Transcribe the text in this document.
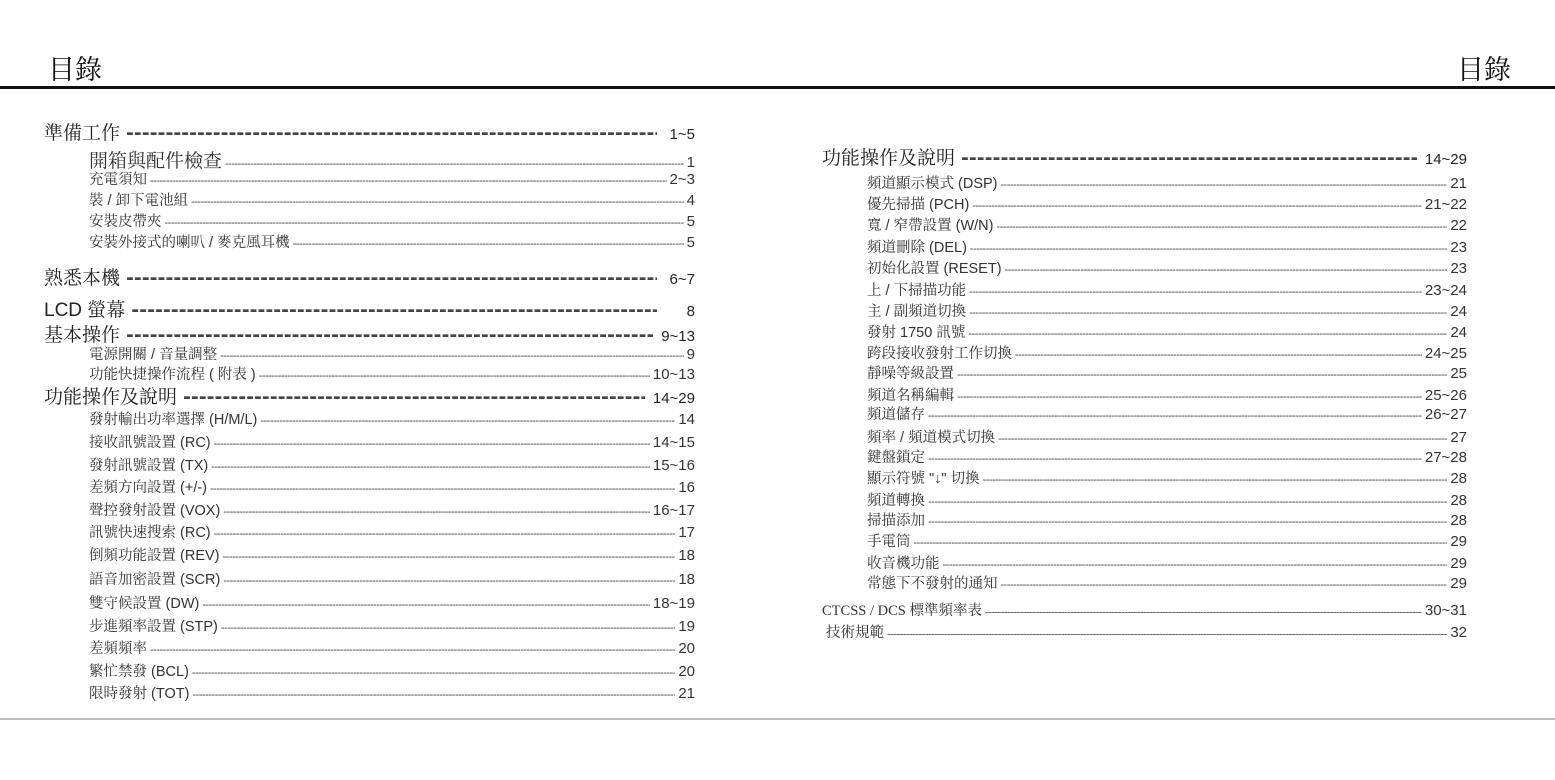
目錄	目錄
準備工作 -----	1~5
開箱與配件檢查 -----	1
充電須知 -----	2~3
裝 / 卸下電池組 -----	4
安裝皮帶夾 -----	5
安裝外接式的喇叭 / 麥克風耳機 -----	5
熟悉本機 -----	6~7
LCD 螢幕 -----	8
基本操作 -----	9~13
電源開關 / 音量調整 -----	9
功能快捷操作流程 ( 附表 ) -----	10~13
功能操作及說明 -----	14~29
發射輸出功率選擇 (H/M/L) -----	14
接收訊號設置 (RC) -----	14~15
發射訊號設置 (TX) -----	15~16
差頻方向設置 (+/-) -----	16
聲控發射設置 (VOX) -----	16~17
訊號快速搜索 (RC) -----	17
倒頻功能設置 (REV) -----	18
語音加密設置 (SCR) -----	18
雙守候設置 (DW) -----	18~19
步進頻率設置 (STP) -----	19
差頻頻率 -----	20
繁忙禁發 (BCL) -----	20
限時發射 (TOT) -----	21
功能操作及說明 -----	14~29
頻道顯示模式 (DSP) -----	21
優先掃描 (PCH) -----	21~22
寬 / 窄帶設置 (W/N) -----	22
頻道刪除 (DEL) -----	23
初始化設置 (RESET) -----	23
上 / 下掃描功能 -----	23~24
主 / 副頻道切換 -----	24
發射 1750 訊號 -----	24
跨段接收發射工作切換 -----	24~25
靜噪等級設置 -----	25
頻道名稱編輯 -----	25~26
頻道儲存 -----	26~27
頻率 / 頻道模式切換 -----	27
鍵盤鎖定 -----	27~28
顯示符號 "↓" 切換 -----	28
頻道轉換 -----	28
掃描添加 -----	28
手電筒 -----	29
收音機功能 -----	29
常態下不發射的通知 -----	29
CTCSS / DCS 標準頻率表 -----	30~31
技術規範 -----	32
